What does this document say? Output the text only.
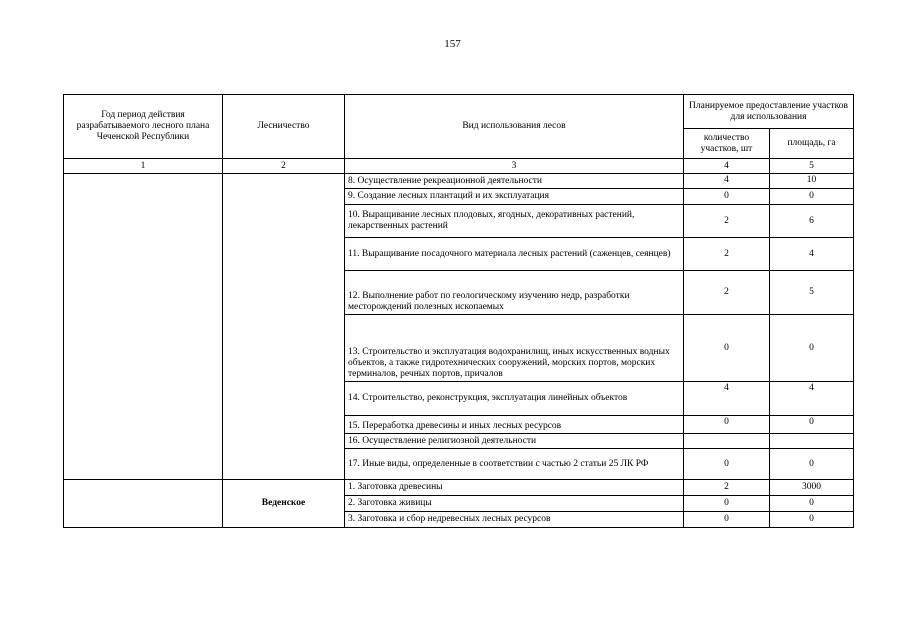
157
Год период действия разрабатываемого лесного плана Чеченской Республики	Лесничество	Вид использования лесов	Планируемое предоставление участков для использования	
			количество участков, шт	площадь, га
1	2	3	4	5
		8. Осуществление рекреационной деятельности	4	10
		9. Создание лесных плантаций и их эксплуатация	0	0
		10. Выращивание лесных плодовых, ягодных, декоративных растений, лекарственных растений	2	6
		11. Выращивание посадочного материала лесных растений (саженцев, сеянцев)	2	4
		12. Выполнение работ по геологическому изучению недр, разработки месторождений полезных ископаемых	2	5
		13. Строительство и эксплуатация водохранилищ, иных искусственных водных объектов, а также гидротехнических сооружений, морских портов, морских терминалов, речных портов, причалов	0	0
		14. Строительство, реконструкция, эксплуатация линейных объектов	4	4
		15. Переработка древесины и иных лесных ресурсов	0	0
		16. Осуществление религиозной деятельности		
		17. Иные виды, определенные в соответствии с частью 2 статьи 25 ЛК РФ	0	0
	Веденское	1. Заготовка древесины	2	3000
		2. Заготовка живицы	0	0
		3. Заготовка и сбор недревесных лесных ресурсов	0	0
